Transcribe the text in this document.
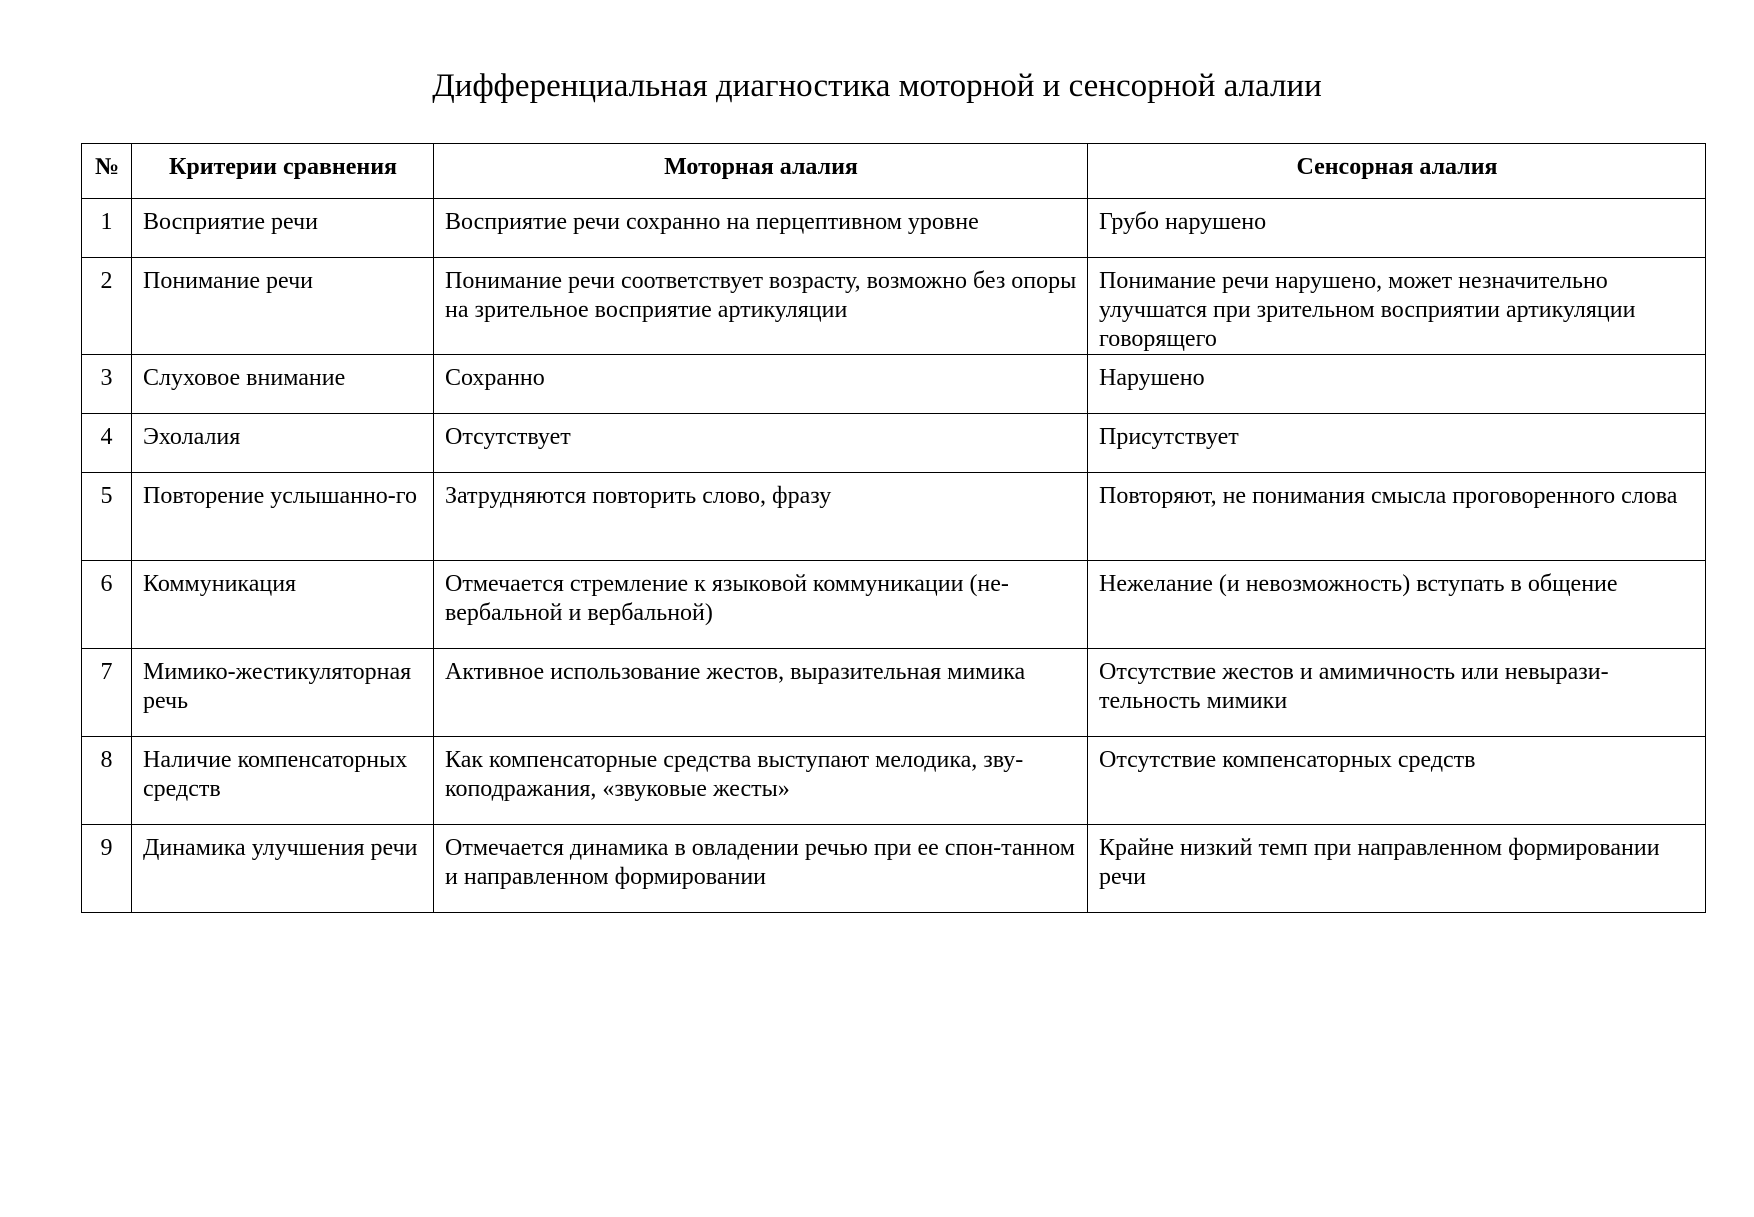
Дифференциальная диагностика моторной и сенсорной алалии
№	Критерии сравнения	Моторная алалия	Сенсорная алалия
1	Восприятие речи	Восприятие речи сохранно на перцептивном уровне	Грубо нарушено
2	Понимание речи	Понимание речи соответствует возрасту, возможно без опоры на зрительное восприятие артикуляции	Понимание речи нарушено, может незначительно улучшатся при зрительном восприятии артикуляции говорящего
3	Слуховое внимание	Сохранно	Нарушено
4	Эхолалия	Отсутствует	Присутствует
5	Повторение услышанно-го	Затрудняются повторить слово, фразу	Повторяют, не понимания смысла проговоренного слова
6	Коммуникация	Отмечается стремление к языковой коммуникации (не-вербальной и вербальной)	Нежелание (и невозможность) вступать в общение
7	Мимико-жестикуляторная речь	Активное использование жестов, выразительная мимика	Отсутствие жестов и амимичность или невырази-тельность мимики
8	Наличие компенсаторных средств	Как компенсаторные средства выступают мелодика, зву-коподражания, «звуковые жесты»	Отсутствие компенсаторных средств
9	Динамика улучшения речи	Отмечается динамика в овладении речью при ее спон-танном и направленном формировании	Крайне низкий темп при направленном формировании речи
